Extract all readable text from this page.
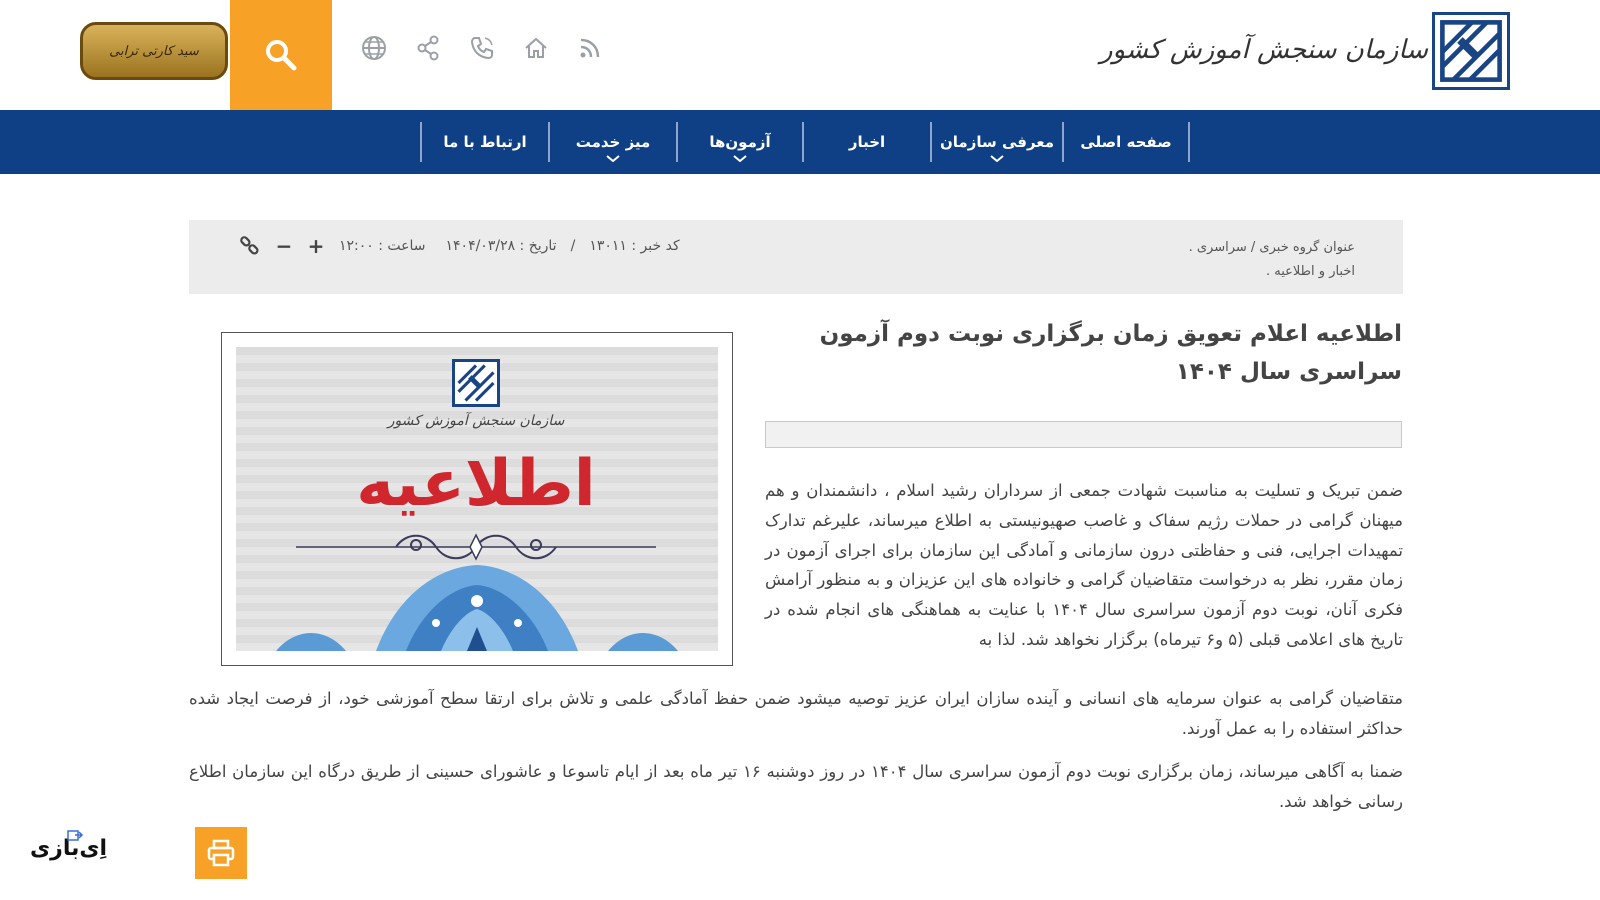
سازمان سنجش آموزش کشور
سید کارتی ترابی
صفحه اصلی
معرفی سازمان
اخبار
آزمون‌ها
میز خدمت
ارتباط با ما
عنوان گروه خبری / سراسری .
اخبار و اطلاعیه .
− + ساعت : ۱۲:۰۰ تاریخ : ۱۴۰۴/۰۳/۲۸ / کد خبر : ۱۳۰۱۱
اطلاعیه اعلام تعویق زمان برگزاری نوبت دوم آزمون سراسری سال ۱۴۰۴
سازمان سنجش آموزش کشور
اطلاعیه	ضمن تبریک و تسلیت به مناسبت شهادت جمعی از سرداران رشید اسلام ، دانشمندان و هم میهنان گرامی در حملات رژیم سفاک و غاصب صهیونیستی به اطلاع میرساند، علیرغم تدارک تمهیدات اجرایی، فنی و حفاظتی درون سازمانی و آمادگی این سازمان برای اجرای آزمون در زمان مقرر، نظر به درخواست متقاضیان گرامی و خانواده های این عزیزان و به منظور آرامش فکری آنان، نوبت دوم آزمون سراسری سال ۱۴۰۴ با عنایت به هماهنگی های انجام شده در تاریخ های اعلامی قبلی (۵ و۶ تیرماه) برگزار نخواهد شد. لذا به

متقاضیان گرامی به عنوان سرمایه های انسانی و آینده سازان ایران عزیز توصیه میشود ضمن حفظ آمادگی علمی و تلاش برای ارتقا سطح آموزشی خود، از فرصت ایجاد شده حداکثر استفاده را به عمل آورند.

ضمنا به آگاهی میرساند، زمان برگزاری نوبت دوم آزمون سراسری سال ۱۴۰۴ در روز دوشنبه ۱۶ تیر ماه بعد از ایام تاسوعا و عاشورای حسینی از طریق درگاه این سازمان اطلاع رسانی خواهد شد.

اِی‌بازی
